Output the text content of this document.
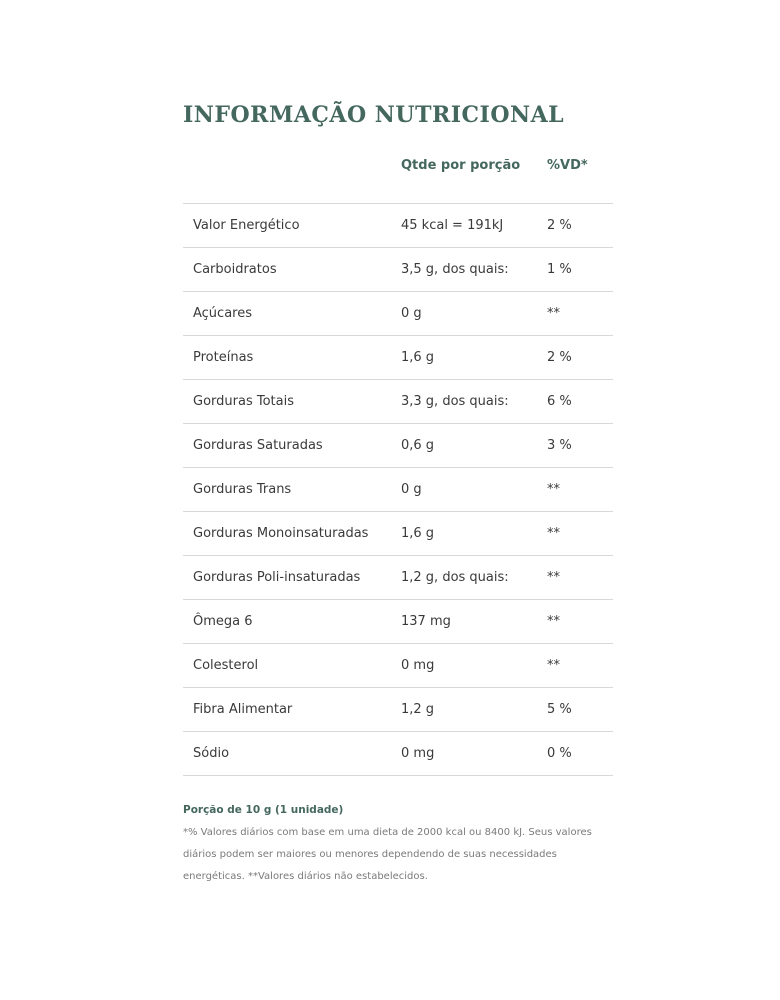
INFORMAÇÃO NUTRICIONAL
	Qtde por porção	%VD*
Valor Energético	45 kcal = 191kJ	2 %
Carboidratos	3,5 g, dos quais:	1 %
Açúcares	0 g	**
Proteínas	1,6 g	2 %
Gorduras Totais	3,3 g, dos quais:	6 %
Gorduras Saturadas	0,6 g	3 %
Gorduras Trans	0 g	**
Gorduras Monoinsaturadas	1,6 g	**
Gorduras Poli-insaturadas	1,2 g, dos quais:	**
Ômega 6	137 mg	**
Colesterol	0 mg	**
Fibra Alimentar	1,2 g	5 %
Sódio	0 mg	0 %

Porção de 10 g (1 unidade)

*% Valores diários com base em uma dieta de 2000 kcal ou 8400 kJ. Seus valores diários podem ser maiores ou menores dependendo de suas necessidades energéticas. **Valores diários não estabelecidos.
